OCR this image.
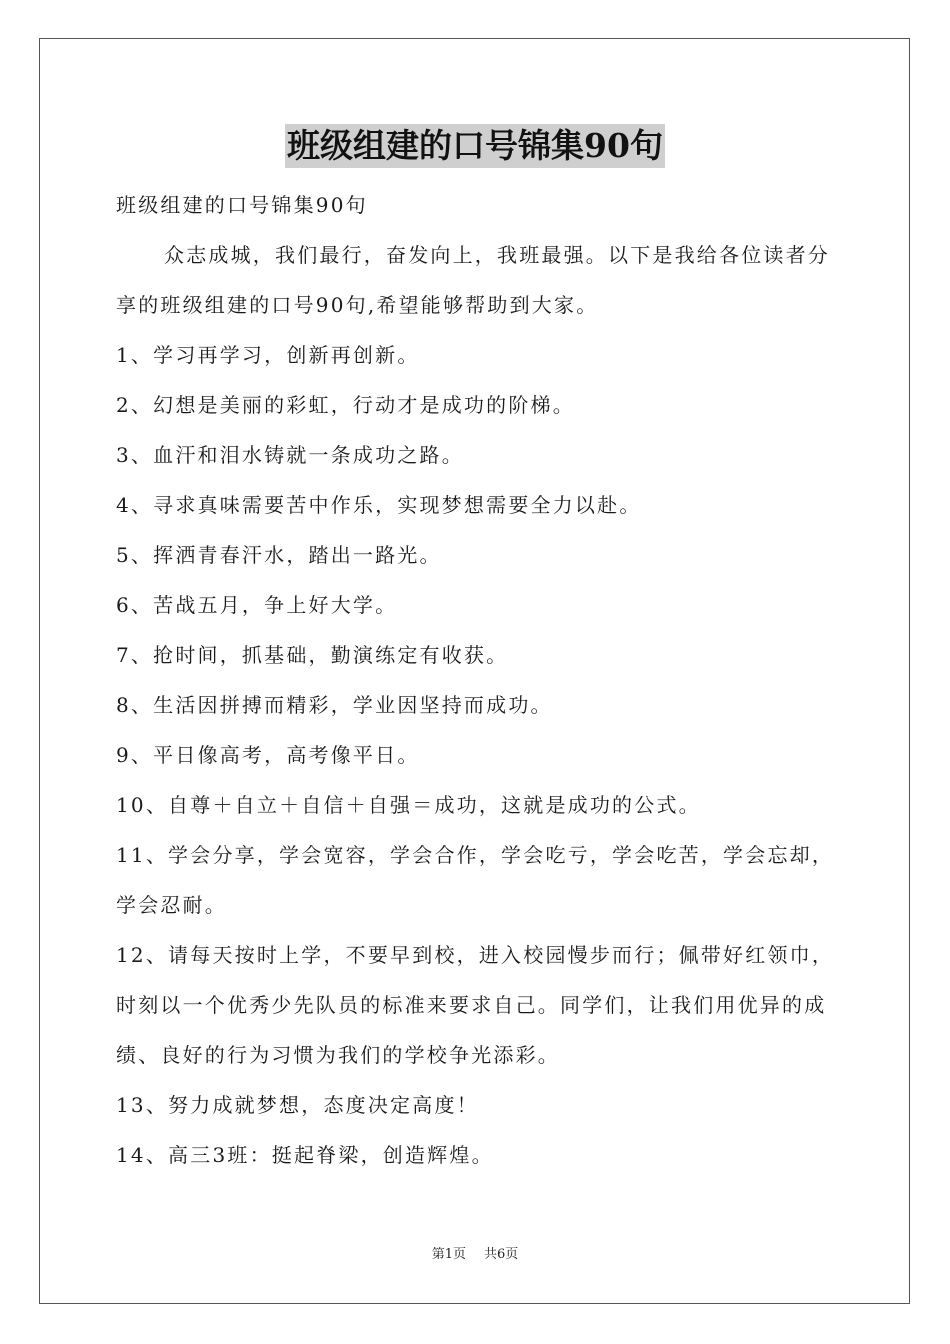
班级组建的口号锦集90句

班级组建的口号锦集90句

众志成城，我们最行，奋发向上，我班最强。以下是我给各位读者分享的班级组建的口号90句,希望能够帮助到大家。

1、学习再学习，创新再创新。

2、幻想是美丽的彩虹，行动才是成功的阶梯。

3、血汗和泪水铸就一条成功之路。

4、寻求真味需要苦中作乐，实现梦想需要全力以赴。

5、挥洒青春汗水，踏出一路光。

6、苦战五月，争上好大学。

7、抢时间，抓基础，勤演练定有收获。

8、生活因拼搏而精彩，学业因坚持而成功。

9、平日像高考，高考像平日。

10、自尊＋自立＋自信＋自强＝成功，这就是成功的公式。

11、学会分享，学会宽容，学会合作，学会吃亏，学会吃苦，学会忘却，学会忍耐。

12、请每天按时上学，不要早到校，进入校园慢步而行；佩带好红领巾，时刻以一个优秀少先队员的标准来要求自己。同学们，让我们用优异的成绩、良好的行为习惯为我们的学校争光添彩。

13、努力成就梦想，态度决定高度！

14、高三3班：挺起脊梁，创造辉煌。

第1页 共6页
